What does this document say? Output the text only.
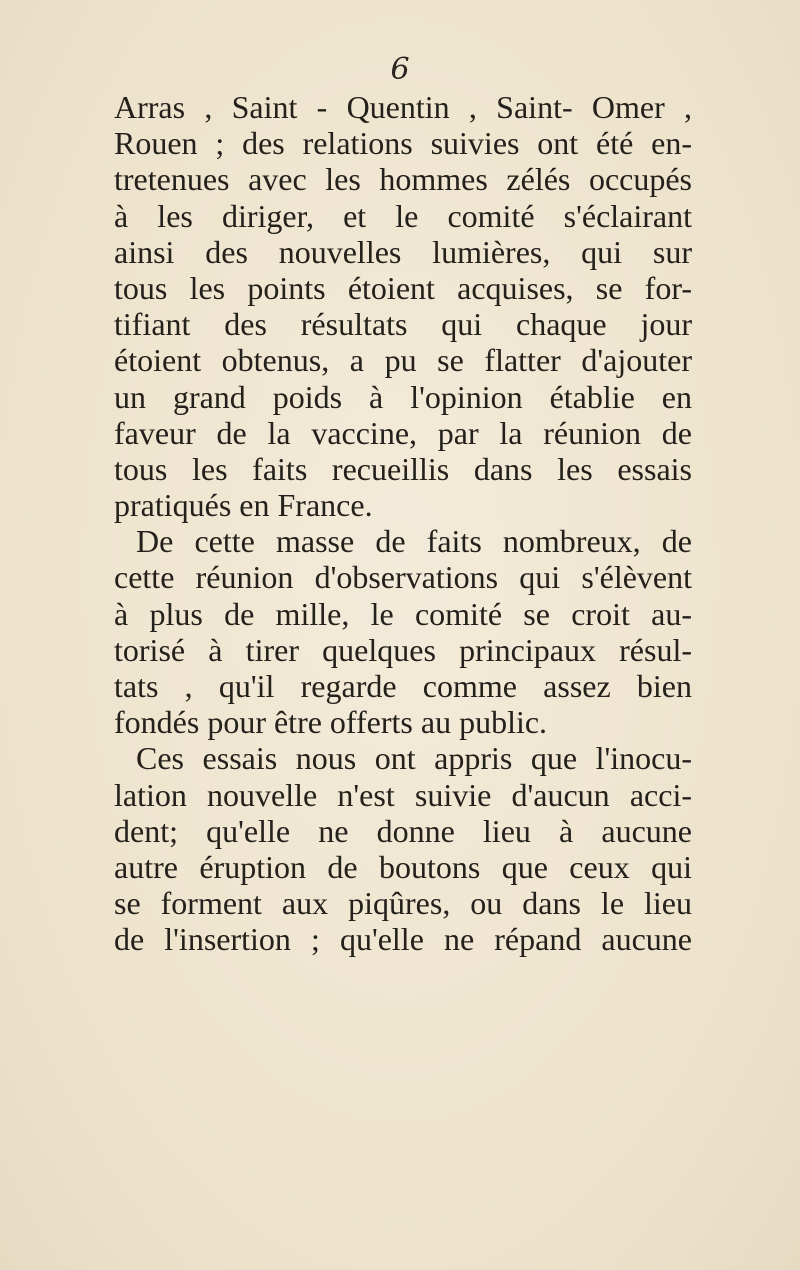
6

Arras , Saint - Quentin , Saint- Omer ,
Rouen ; des relations suivies ont été en-
tretenues avec les hommes zélés occupés
à les diriger, et le comité s'éclairant
ainsi des nouvelles lumières, qui sur
tous les points étoient acquises, se for-
tifiant des résultats qui chaque jour
étoient obtenus, a pu se flatter d'ajouter
un grand poids à l'opinion établie en
faveur de la vaccine, par la réunion de
tous les faits recueillis dans les essais
pratiqués en France.
De cette masse de faits nombreux, de
cette réunion d'observations qui s'élèvent
à plus de mille, le comité se croit au-
torisé à tirer quelques principaux résul-
tats , qu'il regarde comme assez bien
fondés pour être offerts au public.
Ces essais nous ont appris que l'inocu-
lation nouvelle n'est suivie d'aucun acci-
dent; qu'elle ne donne lieu à aucune
autre éruption de boutons que ceux qui
se forment aux piqûres, ou dans le lieu
de l'insertion ; qu'elle ne répand aucune
